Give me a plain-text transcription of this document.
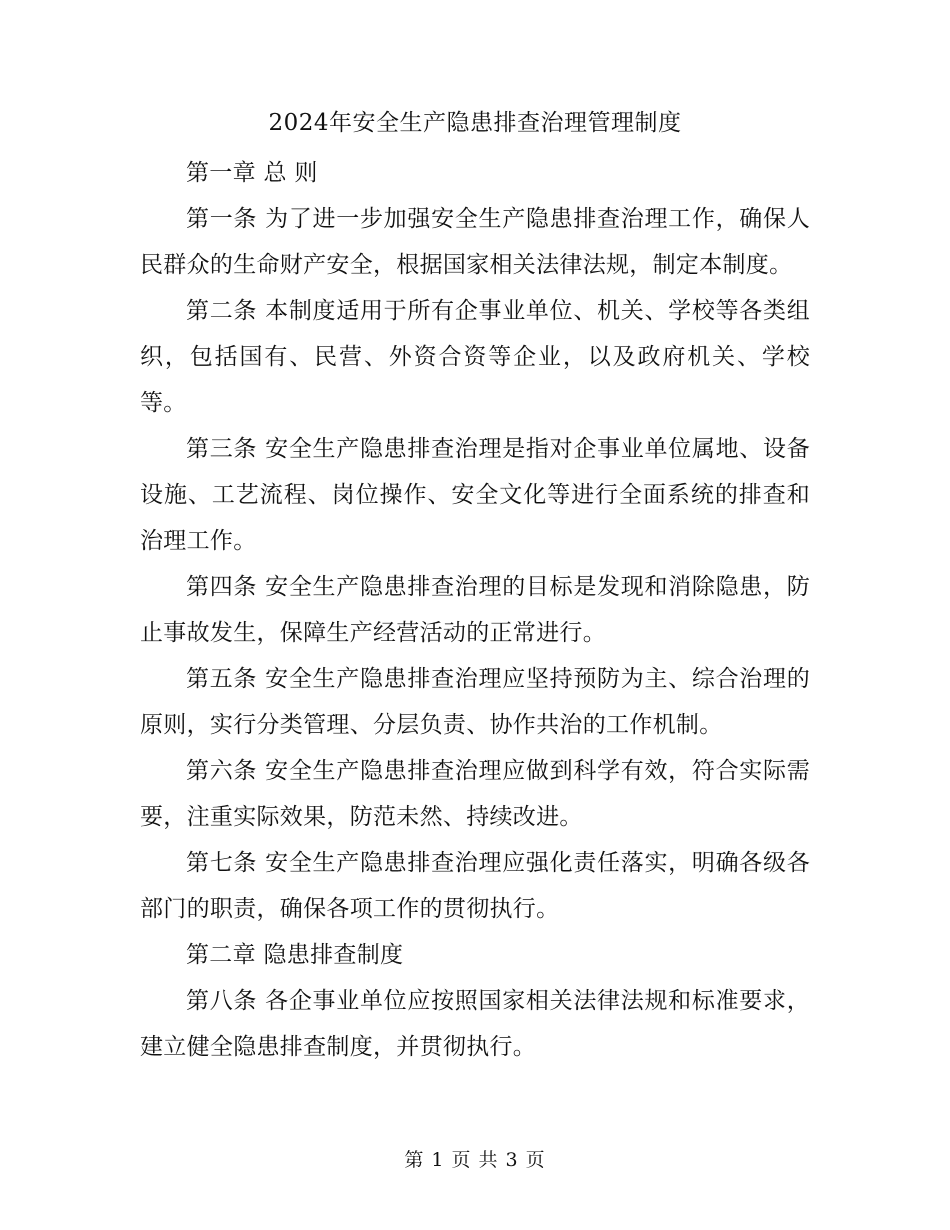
2024年安全生产隐患排查治理管理制度

第一章 总 则

第一条 为了进一步加强安全生产隐患排查治理工作，确保人民群众的生命财产安全，根据国家相关法律法规，制定本制度。

第二条 本制度适用于所有企事业单位、机关、学校等各类组织，包括国有、民营、外资合资等企业，以及政府机关、学校等。

第三条 安全生产隐患排查治理是指对企事业单位属地、设备设施、工艺流程、岗位操作、安全文化等进行全面系统的排查和治理工作。

第四条 安全生产隐患排查治理的目标是发现和消除隐患，防止事故发生，保障生产经营活动的正常进行。

第五条 安全生产隐患排查治理应坚持预防为主、综合治理的原则，实行分类管理、分层负责、协作共治的工作机制。

第六条 安全生产隐患排查治理应做到科学有效，符合实际需要，注重实际效果，防范未然、持续改进。

第七条 安全生产隐患排查治理应强化责任落实，明确各级各部门的职责，确保各项工作的贯彻执行。

第二章 隐患排查制度

第八条 各企事业单位应按照国家相关法律法规和标准要求，建立健全隐患排查制度，并贯彻执行。

第 1 页 共 3 页
